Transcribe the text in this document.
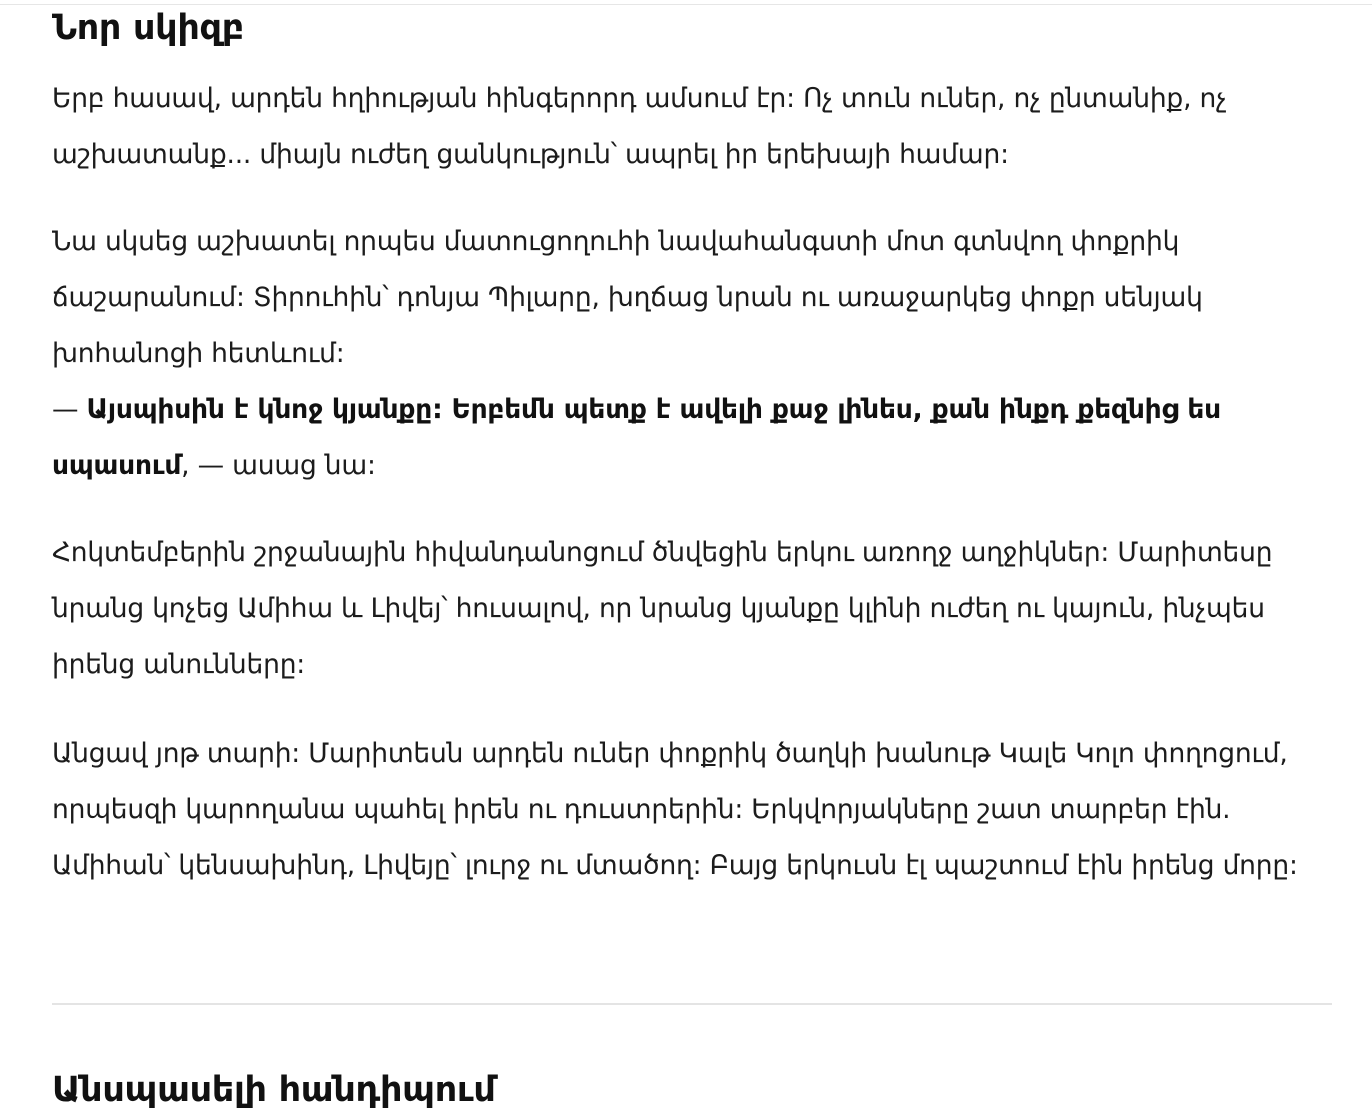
Նոր սկիզբ

Երբ հասավ, արդեն հղիության հինգերորդ ամսում էր: Ոչ տուն ուներ, ոչ ընտանիք, ոչ աշխատանք... միայն ուժեղ ցանկություն՝ ապրել իր երեխայի համար:

Նա սկսեց աշխատել որպես մատուցողուհի նավահանգստի մոտ գտնվող փոքրիկ ճաշարանում: Տիրուհին՝ դոնյա Պիլարը, խղճաց նրան ու առաջարկեց փոքր սենյակ խոհանոցի հետևում:
— Այսպիսին է կնոջ կյանքը: Երբեմն պետք է ավելի քաջ լինես, քան ինքդ քեզնից ես սպասում, — ասաց նա:

Հոկտեմբերին շրջանային հիվանդանոցում ծնվեցին երկու առողջ աղջիկներ: Մարիտեսը նրանց կոչեց Ամիհա և Լիվեյ՝ հուսալով, որ նրանց կյանքը կլինի ուժեղ ու կայուն, ինչպես իրենց անունները:

Անցավ յոթ տարի: Մարիտեսն արդեն ուներ փոքրիկ ծաղկի խանութ Կալե Կոլո փողոցում, որպեսզի կարողանա պահել իրեն ու դուստրերին: Երկվորյակները շատ տարբեր էին. Ամիհան՝ կենսախինդ, Լիվեյը՝ լուրջ ու մտածող: Բայց երկուսն էլ պաշտում էին իրենց մորը:

Անսպասելի հանդիպում
